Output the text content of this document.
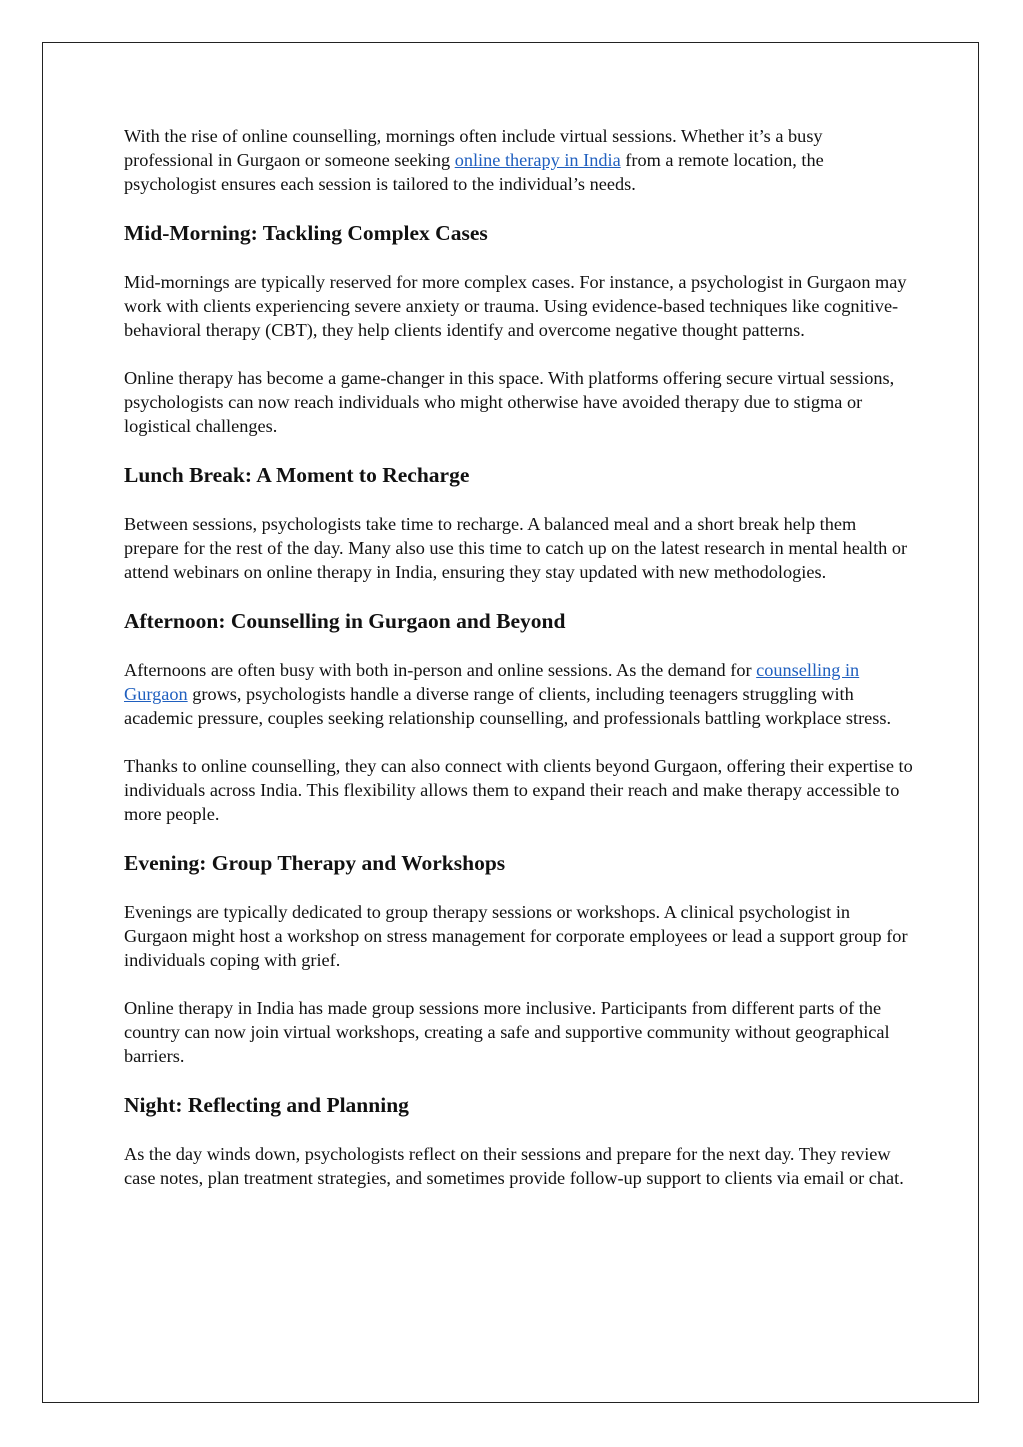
With the rise of online counselling, mornings often include virtual sessions. Whether it’s a busy professional in Gurgaon or someone seeking online therapy in India from a remote location, the psychologist ensures each session is tailored to the individual’s needs.

Mid-Morning: Tackling Complex Cases

Mid-mornings are typically reserved for more complex cases. For instance, a psychologist in Gurgaon may work with clients experiencing severe anxiety or trauma. Using evidence-based techniques like cognitive-behavioral therapy (CBT), they help clients identify and overcome negative thought patterns.

Online therapy has become a game-changer in this space. With platforms offering secure virtual sessions, psychologists can now reach individuals who might otherwise have avoided therapy due to stigma or logistical challenges.

Lunch Break: A Moment to Recharge

Between sessions, psychologists take time to recharge. A balanced meal and a short break help them prepare for the rest of the day. Many also use this time to catch up on the latest research in mental health or attend webinars on online therapy in India, ensuring they stay updated with new methodologies.

Afternoon: Counselling in Gurgaon and Beyond

Afternoons are often busy with both in-person and online sessions. As the demand for counselling in Gurgaon grows, psychologists handle a diverse range of clients, including teenagers struggling with academic pressure, couples seeking relationship counselling, and professionals battling workplace stress.

Thanks to online counselling, they can also connect with clients beyond Gurgaon, offering their expertise to individuals across India. This flexibility allows them to expand their reach and make therapy accessible to more people.

Evening: Group Therapy and Workshops

Evenings are typically dedicated to group therapy sessions or workshops. A clinical psychologist in Gurgaon might host a workshop on stress management for corporate employees or lead a support group for individuals coping with grief.

Online therapy in India has made group sessions more inclusive. Participants from different parts of the country can now join virtual workshops, creating a safe and supportive community without geographical barriers.

Night: Reflecting and Planning

As the day winds down, psychologists reflect on their sessions and prepare for the next day. They review case notes, plan treatment strategies, and sometimes provide follow-up support to clients via email or chat.
